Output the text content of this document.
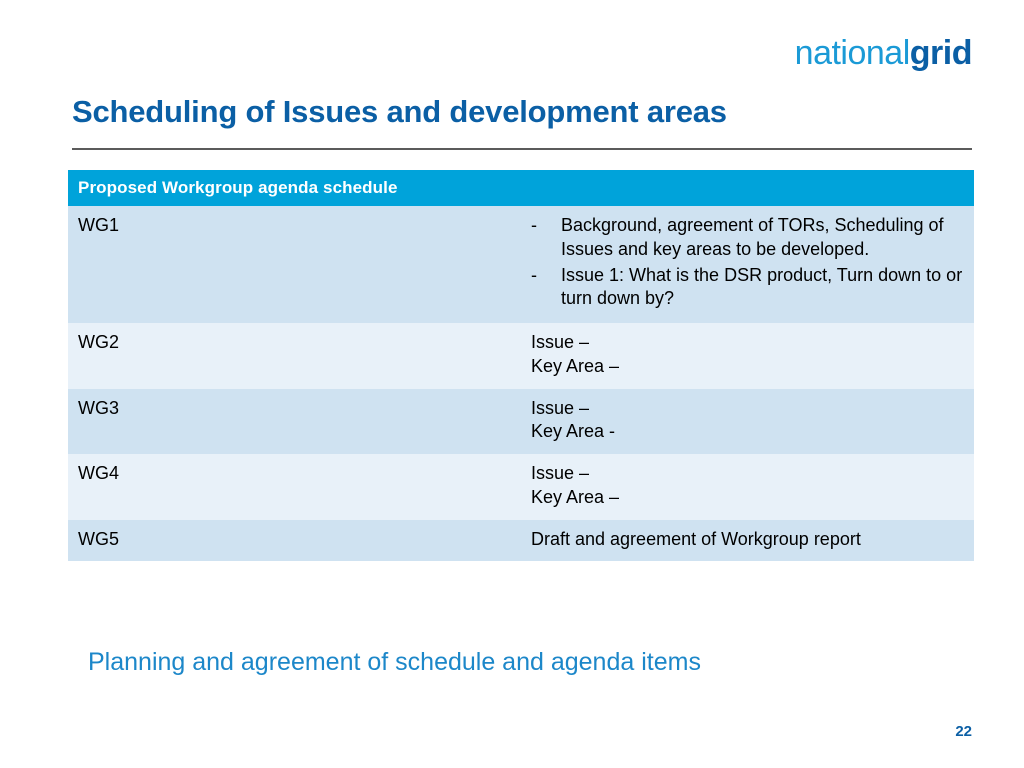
nationalgrid
Scheduling of Issues and development areas
Proposed Workgroup agenda schedule	
WG1	- Background, agreement of TORs, Scheduling of Issues and key areas to be developed.
- Issue 1: What is the DSR product, Turn down to or turn down by?

WG2	Issue –
Key Area –

WG3	Issue –
Key Area -

WG4	Issue –
Key Area –

WG5	Draft and agreement of Workgroup report
Planning and agreement of schedule and agenda items
22
